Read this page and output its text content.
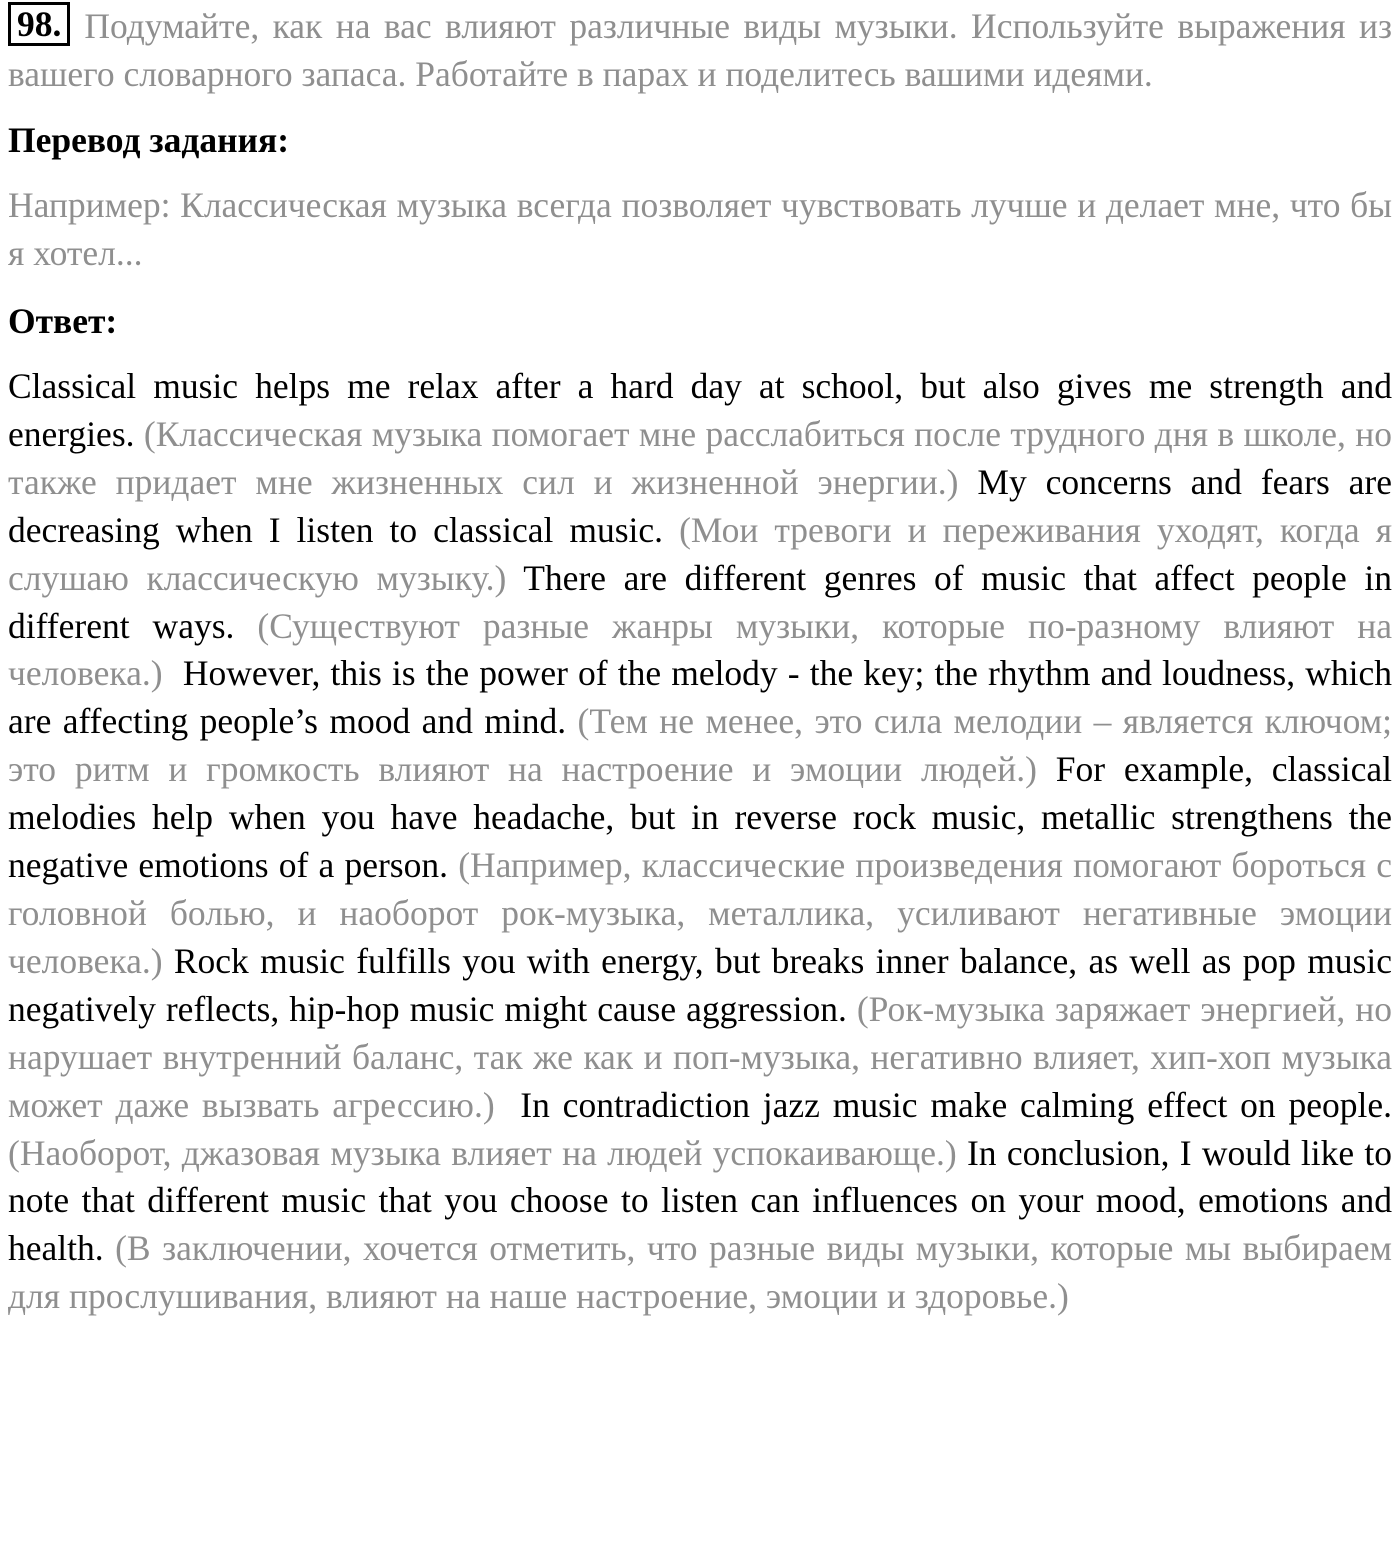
98. Подумайте, как на вас влияют различные виды музыки. Используйте выражения из вашего словарного запаса. Работайте в парах и поделитесь вашими идеями.

Перевод задания:

Например: Классическая музыка всегда позволяет чувствовать лучше и делает мне, что бы я хотел...

Ответ:

Classical music helps me relax after a hard day at school, but also gives me strength and energies. (Классическая музыка помогает мне расслабиться после трудного дня в школе, но также придает мне жизненных сил и жизненной энергии.) My concerns and fears are decreasing when I listen to classical music. (Мои тревоги и переживания уходят, когда я слушаю классическую музыку.) There are different genres of music that affect people in different ways. (Существуют разные жанры музыки, которые по-разному влияют на человека.) However, this is the power of the melody - the key; the rhythm and loudness, which are affecting people’s mood and mind. (Тем не менее, это сила мелодии – является ключом; это ритм и громкость влияют на настроение и эмоции людей.) For example, classical melodies help when you have headache, but in reverse rock music, metallic strengthens the negative emotions of a person. (Например, классические произведения помогают бороться с головной болью, и наоборот рок-музыка, металлика, усиливают негативные эмоции человека.) Rock music fulfills you with energy, but breaks inner balance, as well as pop music negatively reflects, hip-hop music might cause aggression. (Рок-музыка заряжает энергией, но нарушает внутренний баланс, так же как и поп-музыка, негативно влияет, хип-хоп музыка может даже вызвать агрессию.) In contradiction jazz music make calming effect on people. (Наоборот, джазовая музыка влияет на людей успокаивающе.) In conclusion, I would like to note that different music that you choose to listen can influences on your mood, emotions and health. (В заключении, хочется отметить, что разные виды музыки, которые мы выбираем для прослушивания, влияют на наше настроение, эмоции и здоровье.)
